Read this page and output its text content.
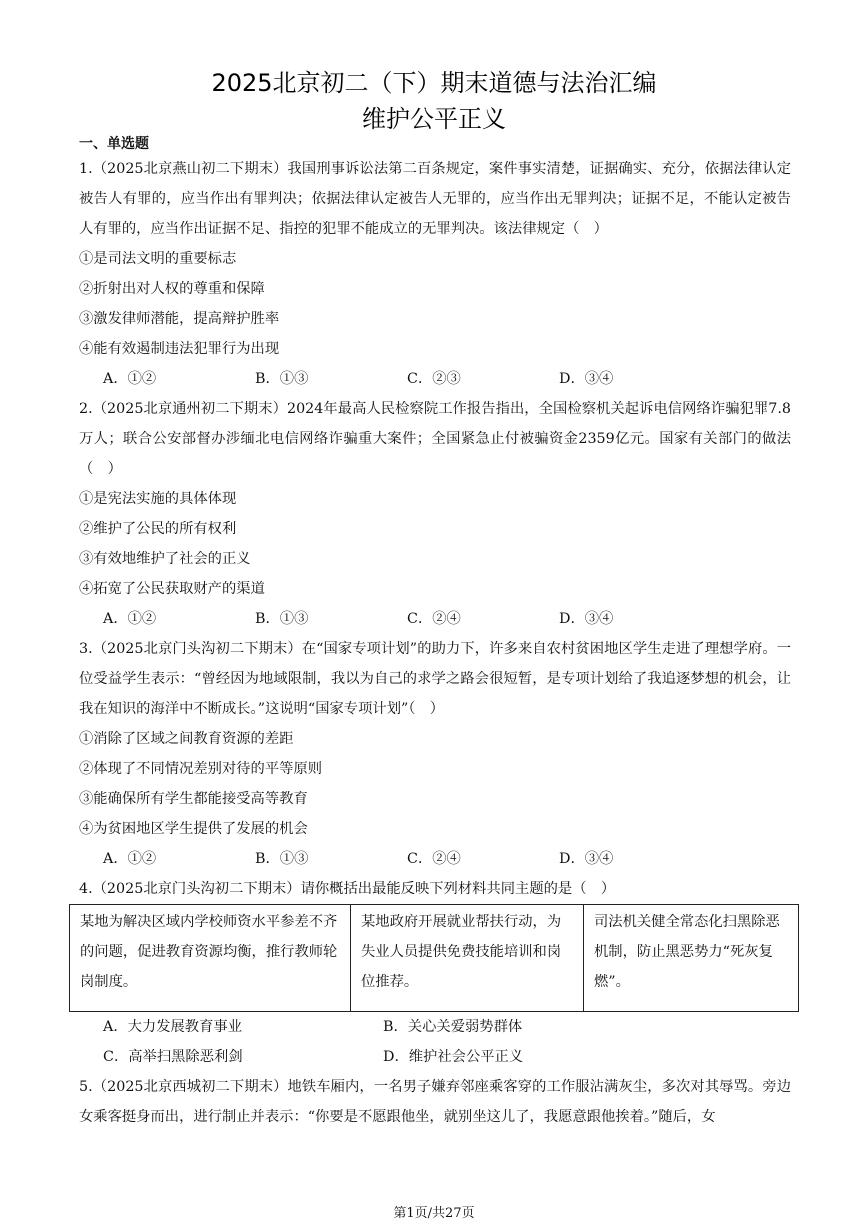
2025北京初二（下）期末道德与法治汇编
维护公平正义
一、单选题

1.（2025北京燕山初二下期末）我国刑事诉讼法第二百条规定，案件事实清楚，证据确实、充分，依据法律认定被告人有罪的，应当作出有罪判决；依据法律认定被告人无罪的，应当作出无罪判决；证据不足，不能认定被告人有罪的，应当作出证据不足、指控的犯罪不能成立的无罪判决。该法律规定（　）

①是司法文明的重要标志

②折射出对人权的尊重和保障

③激发律师潜能，提高辩护胜率

④能有效遏制违法犯罪行为出现

A．①②	B．①③	C．②③	D．③④

2.（2025北京通州初二下期末）2024年最高人民检察院工作报告指出，全国检察机关起诉电信网络诈骗犯罪7.8万人；联合公安部督办涉缅北电信网络诈骗重大案件；全国紧急止付被骗资金2359亿元。国家有关部门的做法（　）

①是宪法实施的具体体现

②维护了公民的所有权利

③有效地维护了社会的正义

④拓宽了公民获取财产的渠道

A．①②	B．①③	C．②④	D．③④

3.（2025北京门头沟初二下期末）在“国家专项计划”的助力下，许多来自农村贫困地区学生走进了理想学府。一位受益学生表示：“曾经因为地域限制，我以为自己的求学之路会很短暂，是专项计划给了我追逐梦想的机会，让我在知识的海洋中不断成长。”这说明“国家专项计划”（　）

①消除了区域之间教育资源的差距

②体现了不同情况差别对待的平等原则

③能确保所有学生都能接受高等教育

④为贫困地区学生提供了发展的机会

A．①②	B．①③	C．②④	D．③④

4.（2025北京门头沟初二下期末）请你概括出最能反映下列材料共同主题的是（　）

某地为解决区域内学校师资水平参差不齐的问题，促进教育资源均衡，推行教师轮岗制度。	某地政府开展就业帮扶行动，为失业人员提供免费技能培训和岗位推荐。	司法机关健全常态化扫黑除恶机制，防止黑恶势力“死灰复燃”。
A．大力发展教育事业	B．关心关爱弱势群体
C．高举扫黑除恶利剑	D．维护社会公平正义

5.（2025北京西城初二下期末）地铁车厢内，一名男子嫌弃邻座乘客穿的工作服沾满灰尘，多次对其辱骂。旁边女乘客挺身而出，进行制止并表示：“你要是不愿跟他坐，就别坐这儿了，我愿意跟他挨着。”随后，女

第1页/共27页
